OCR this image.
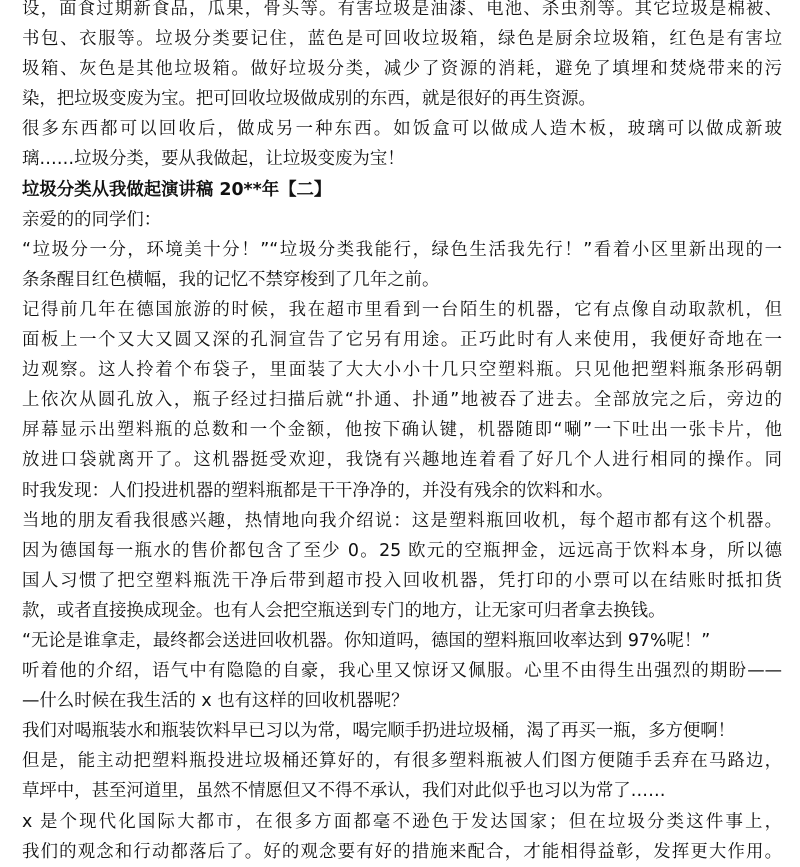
设，面食过期新食品，瓜果，骨头等。有害垃圾是油漆、电池、杀虫剂等。其它垃圾是棉被、
书包、衣服等。垃圾分类要记住，蓝色是可回收垃圾箱，绿色是厨余垃圾箱，红色是有害垃
圾箱、灰色是其他垃圾箱。做好垃圾分类，减少了资源的消耗，避免了填埋和焚烧带来的污
染，把垃圾变废为宝。把可回收垃圾做成别的东西，就是很好的再生资源。
很多东西都可以回收后，做成另一种东西。如饭盒可以做成人造木板，玻璃可以做成新玻
璃……垃圾分类，要从我做起，让垃圾变废为宝！
垃圾分类从我做起演讲稿 20**年【二】
亲爱的的同学们：
“垃圾分一分，环境美十分！”“垃圾分类我能行，绿色生活我先行！”看着小区里新出现的一
条条醒目红色横幅，我的记忆不禁穿梭到了几年之前。
记得前几年在德国旅游的时候，我在超市里看到一台陌生的机器，它有点像自动取款机，但
面板上一个又大又圆又深的孔洞宣告了它另有用途。正巧此时有人来使用，我便好奇地在一
边观察。这人拎着个布袋子，里面装了大大小小十几只空塑料瓶。只见他把塑料瓶条形码朝
上依次从圆孔放入，瓶子经过扫描后就“扑通、扑通”地被吞了进去。全部放完之后，旁边的
屏幕显示出塑料瓶的总数和一个金额，他按下确认键，机器随即“唰”一下吐出一张卡片，他
放进口袋就离开了。这机器挺受欢迎，我饶有兴趣地连着看了好几个人进行相同的操作。同
时我发现：人们投进机器的塑料瓶都是干干净净的，并没有残余的饮料和水。
当地的朋友看我很感兴趣，热情地向我介绍说：这是塑料瓶回收机，每个超市都有这个机器。
因为德国每一瓶水的售价都包含了至少 0。25 欧元的空瓶押金，远远高于饮料本身，所以德
国人习惯了把空塑料瓶洗干净后带到超市投入回收机器，凭打印的小票可以在结账时抵扣货
款，或者直接换成现金。也有人会把空瓶送到专门的地方，让无家可归者拿去换钱。
“无论是谁拿走，最终都会送进回收机器。你知道吗，德国的塑料瓶回收率达到 97%呢！”
听着他的介绍，语气中有隐隐的自豪，我心里又惊讶又佩服。心里不由得生出强烈的期盼——
—什么时候在我生活的 x 也有这样的回收机器呢？
我们对喝瓶装水和瓶装饮料早已习以为常，喝完顺手扔进垃圾桶，渴了再买一瓶，多方便啊！
但是，能主动把塑料瓶投进垃圾桶还算好的，有很多塑料瓶被人们图方便随手丢弃在马路边，
草坪中，甚至河道里，虽然不情愿但又不得不承认，我们对此似乎也习以为常了……
x 是个现代化国际大都市，在很多方面都毫不逊色于发达国家；但在垃圾分类这件事上，
我们的观念和行动都落后了。好的观念要有好的措施来配合，才能相得益彰，发挥更大作用。
